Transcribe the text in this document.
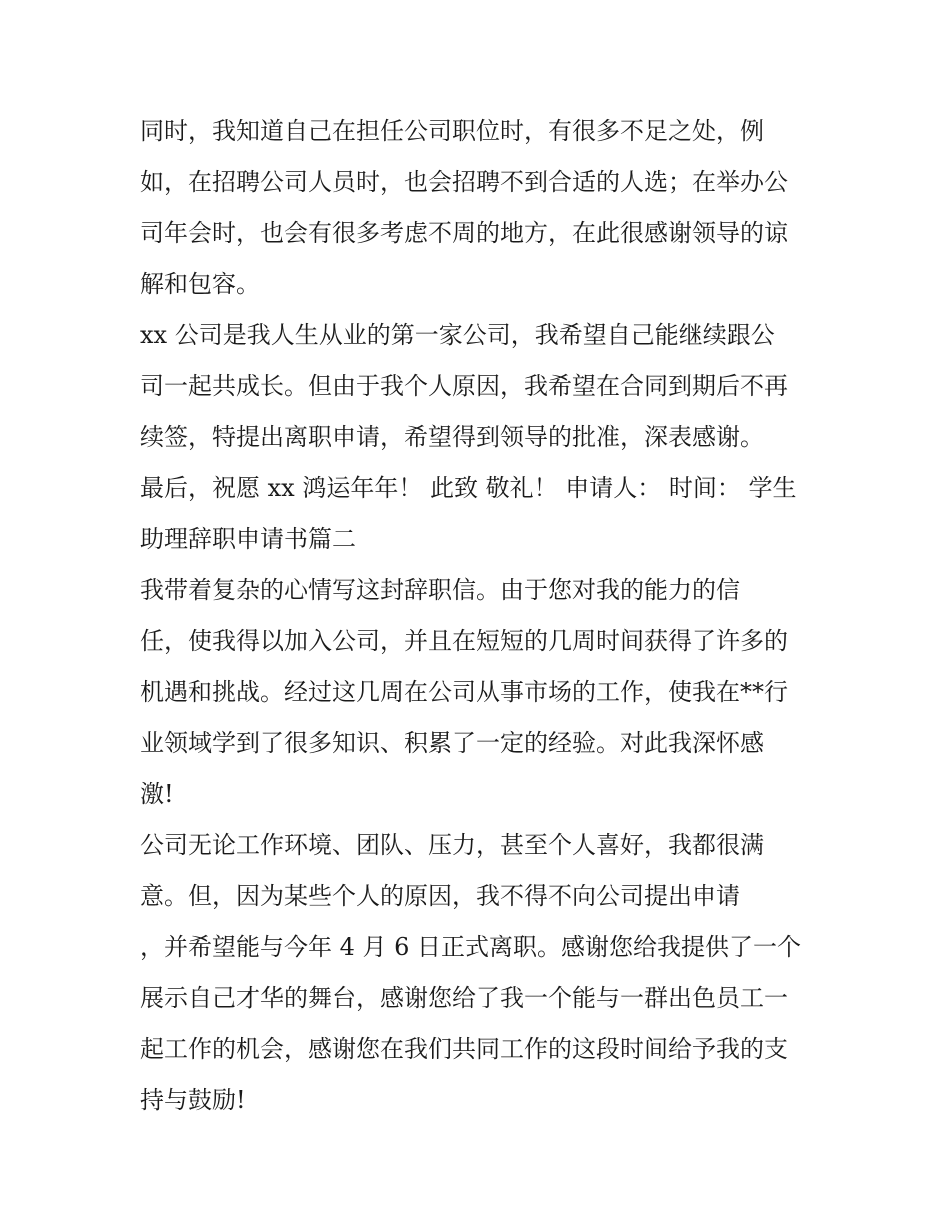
同时，我知道自己在担任公司职位时，有很多不足之处，例
如，在招聘公司人员时，也会招聘不到合适的人选；在举办公
司年会时，也会有很多考虑不周的地方，在此很感谢领导的谅
解和包容。
xx 公司是我人生从业的第一家公司，我希望自己能继续跟公
司一起共成长。但由于我个人原因，我希望在合同到期后不再
续签，特提出离职申请，希望得到领导的批准，深表感谢。
最后，祝愿 xx 鸿运年年！ 此致 敬礼！ 申请人： 时间： 学生
助理辞职申请书篇二
我带着复杂的心情写这封辞职信。由于您对我的能力的信
任，使我得以加入公司，并且在短短的几周时间获得了许多的
机遇和挑战。经过这几周在公司从事市场的工作，使我在**行
业领域学到了很多知识、积累了一定的经验。对此我深怀感
激!
公司无论工作环境、团队、压力，甚至个人喜好，我都很满
意。但，因为某些个人的原因，我不得不向公司提出申请
，并希望能与今年 4 月 6 日正式离职。感谢您给我提供了一个
展示自己才华的舞台，感谢您给了我一个能与一群出色员工一
起工作的机会，感谢您在我们共同工作的这段时间给予我的支
持与鼓励!
